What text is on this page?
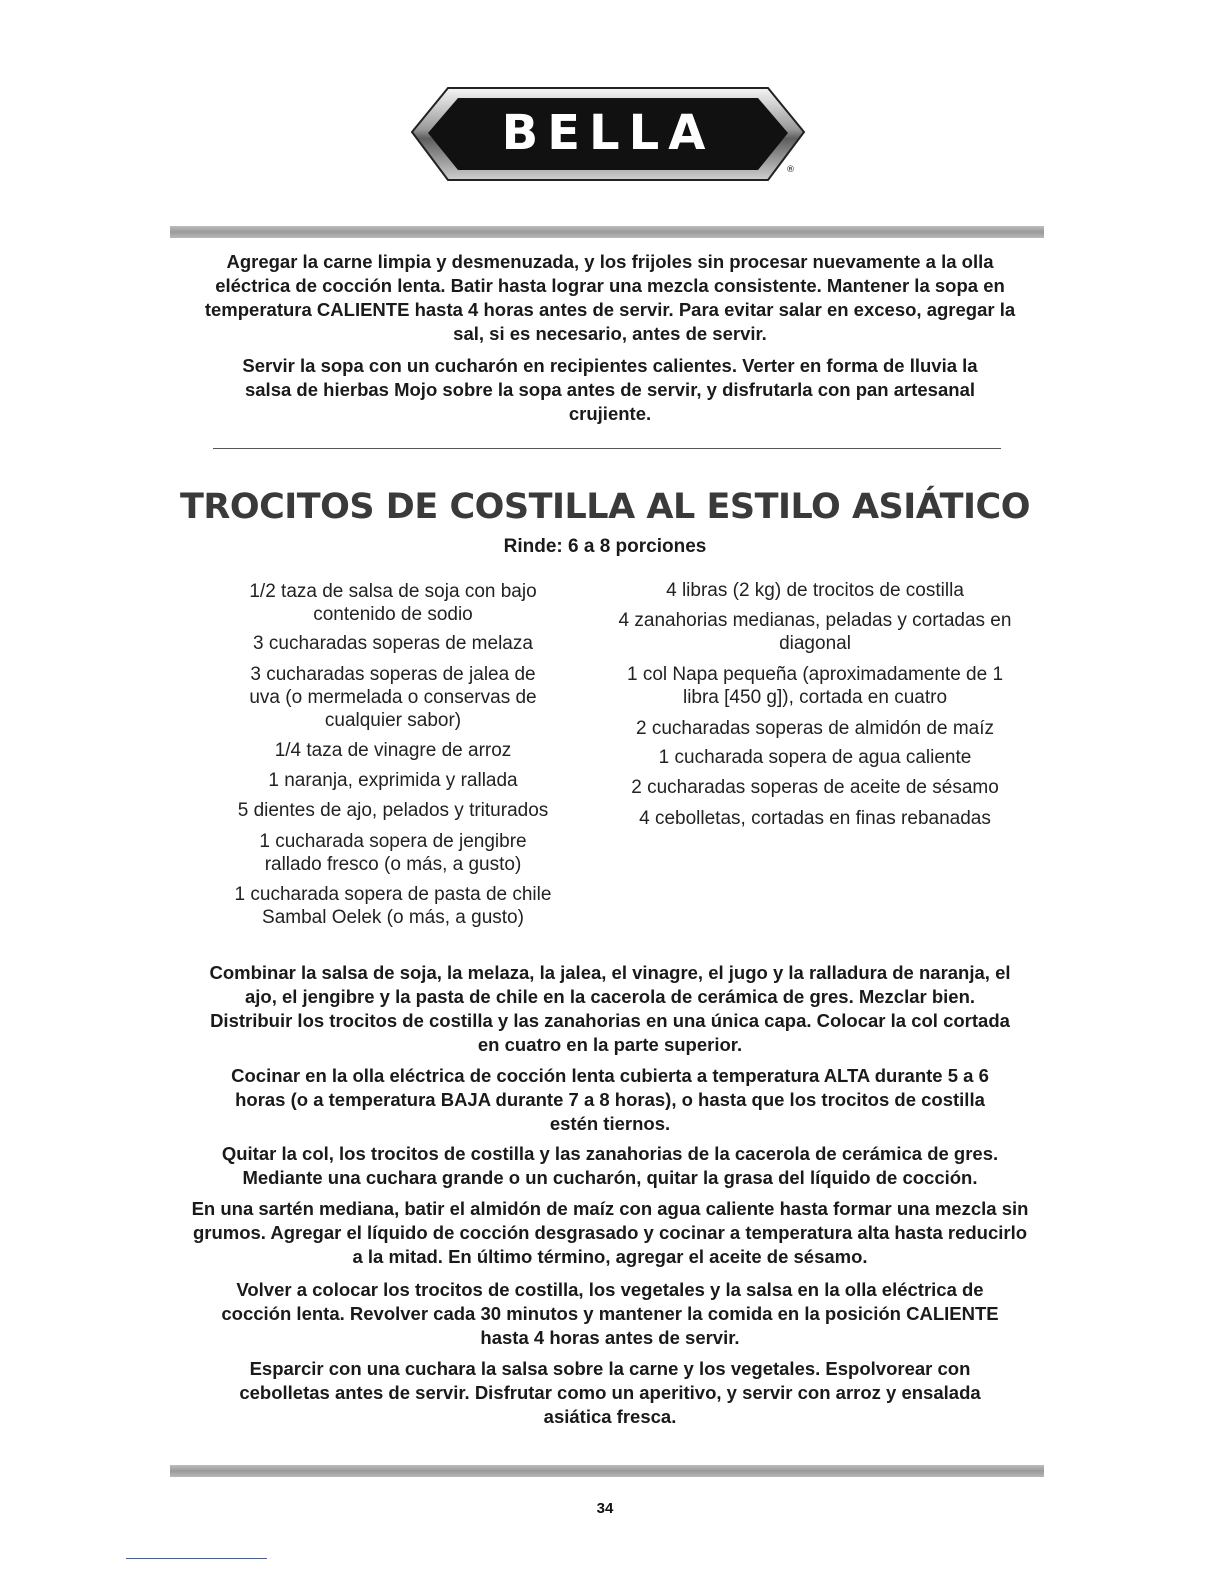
BELLA
®

Agregar la carne limpia y desmenuzada, y los frijoles sin procesar nuevamente a la olla eléctrica de cocción lenta. Batir hasta lograr una mezcla consistente. Mantener la sopa en temperatura CALIENTE hasta 4 horas antes de servir. Para evitar salar en exceso, agregar la sal, si es necesario, antes de servir.

Servir la sopa con un cucharón en recipientes calientes. Verter en forma de lluvia la salsa de hierbas Mojo sobre la sopa antes de servir, y disfrutarla con pan artesanal crujiente.

TROCITOS DE COSTILLA AL ESTILO ASIÁTICO
Rinde: 6 a 8 porciones

1/2 taza de salsa de soja con bajo contenido de sodio

3 cucharadas soperas de melaza

3 cucharadas soperas de jalea de uva (o mermelada o conservas de cualquier sabor)

1/4 taza de vinagre de arroz

1 naranja, exprimida y rallada

5 dientes de ajo, pelados y triturados

1 cucharada sopera de jengibre rallado fresco (o más, a gusto)

1 cucharada sopera de pasta de chile Sambal Oelek (o más, a gusto)

4 libras (2 kg) de trocitos de costilla

4 zanahorias medianas, peladas y cortadas en diagonal

1 col Napa pequeña (aproximadamente de 1 libra [450 g]), cortada en cuatro

2 cucharadas soperas de almidón de maíz

1 cucharada sopera de agua caliente

2 cucharadas soperas de aceite de sésamo

4 cebolletas, cortadas en finas rebanadas

Combinar la salsa de soja, la melaza, la jalea, el vinagre, el jugo y la ralladura de naranja, el ajo, el jengibre y la pasta de chile en la cacerola de cerámica de gres. Mezclar bien. Distribuir los trocitos de costilla y las zanahorias en una única capa. Colocar la col cortada en cuatro en la parte superior.

Cocinar en la olla eléctrica de cocción lenta cubierta a temperatura ALTA durante 5 a 6 horas (o a temperatura BAJA durante 7 a 8 horas), o hasta que los trocitos de costilla estén tiernos.

Quitar la col, los trocitos de costilla y las zanahorias de la cacerola de cerámica de gres. Mediante una cuchara grande o un cucharón, quitar la grasa del líquido de cocción.

En una sartén mediana, batir el almidón de maíz con agua caliente hasta formar una mezcla sin grumos. Agregar el líquido de cocción desgrasado y cocinar a temperatura alta hasta reducirlo a la mitad. En último término, agregar el aceite de sésamo.

Volver a colocar los trocitos de costilla, los vegetales y la salsa en la olla eléctrica de cocción lenta. Revolver cada 30 minutos y mantener la comida en la posición CALIENTE hasta 4 horas antes de servir.

Esparcir con una cuchara la salsa sobre la carne y los vegetales. Espolvorear con cebolletas antes de servir. Disfrutar como un aperitivo, y servir con arroz y ensalada asiática fresca.

34
